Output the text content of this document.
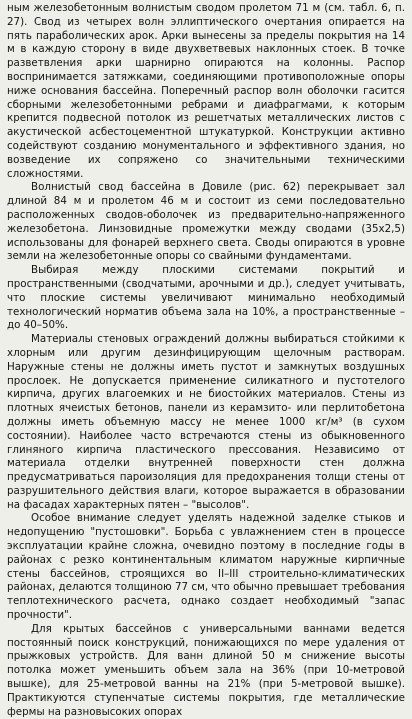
ным железобетонным волнистым сводом пролетом 71 м (см. табл. 6, п. 27). Свод из четырех волн эллиптического очертания опирается на пять параболических арок. Арки вынесены за пределы покрытия на 14 м в каждую сторону в виде двухветвевых наклонных стоек. В точке разветвления арки шарнирно опираются на колонны. Распор воспринимается затяжками, соединяющими противоположные опоры ниже основания бассейна. Поперечный распор волн оболочки гасится сборными железобетонными ребрами и диафрагмами, к которым крепится подвесной потолок из решетчатых металлических листов с акустической асбестоцементной штукатуркой. Конструкции активно содействуют созданию монументального и эффективного здания, но возведение их сопряжено со значительными техническими сложностями.

Волнистый свод бассейна в Довиле (рис. 62) перекрывает зал длиной 84 м и пролетом 46 м и состоит из семи последовательно расположенных сводов-оболочек из предварительно-напряженного железобетона. Линзовидные промежутки между сводами (35х2,5) использованы для фонарей верхнего света. Своды опираются в уровне земли на железобетонные опоры со свайными фундаментами.

Выбирая между плоскими системами покрытий и пространственными (сводчатыми, арочными и др.), следует учитывать, что плоские системы увеличивают минимально необходимый технологический норматив объема зала на 10%, а пространственные – до 40–50%.

Материалы стеновых ограждений должны выбираться стойкими к хлорным или другим дезинфицирующим щелочным растворам. Наружные стены не должны иметь пустот и замкнутых воздушных прослоек. Не допускается применение силикатного и пустотелого кирпича, других влагоемких и не биостойких материалов. Стены из плотных ячеистых бетонов, панели из керамзито- или перлитобетона должны иметь объемную массу не менее 1000 кг/м³ (в сухом состоянии). Наиболее часто встречаются стены из обыкновенного глиняного кирпича пластического прессования. Независимо от материала отделки внутренней поверхности стен должна предусматриваться пароизоляция для предохранения толщи стены от разрушительного действия влаги, которое выражается в образовании на фасадах характерных пятен – "высолов".

Особое внимание следует уделять надежной заделке стыков и недопущению "пустошовки". Борьба с увлажнением стен в процессе эксплуатации крайне сложна, очевидно поэтому в последние годы в районах с резко континентальным климатом наружные кирпичные стены бассейнов, строящихся во II–III строительно-климатических районах, делаются толщиною 77 см, что обычно превышает требования теплотехнического расчета, однако создает необходимый "запас прочности".

Для крытых бассейнов с универсальными ваннами ведется постоянный поиск конструкций, понижающихся по мере удаления от прыжковых устройств. Для ванн длиной 50 м снижение высоты потолка может уменьшить объем зала на 36% (при 10-метровой вышке), для 25-метровой ванны на 21% (при 5-метровой вышке). Практикуются ступенчатые системы покрытия, где металлические фермы на разновысоких опорах
